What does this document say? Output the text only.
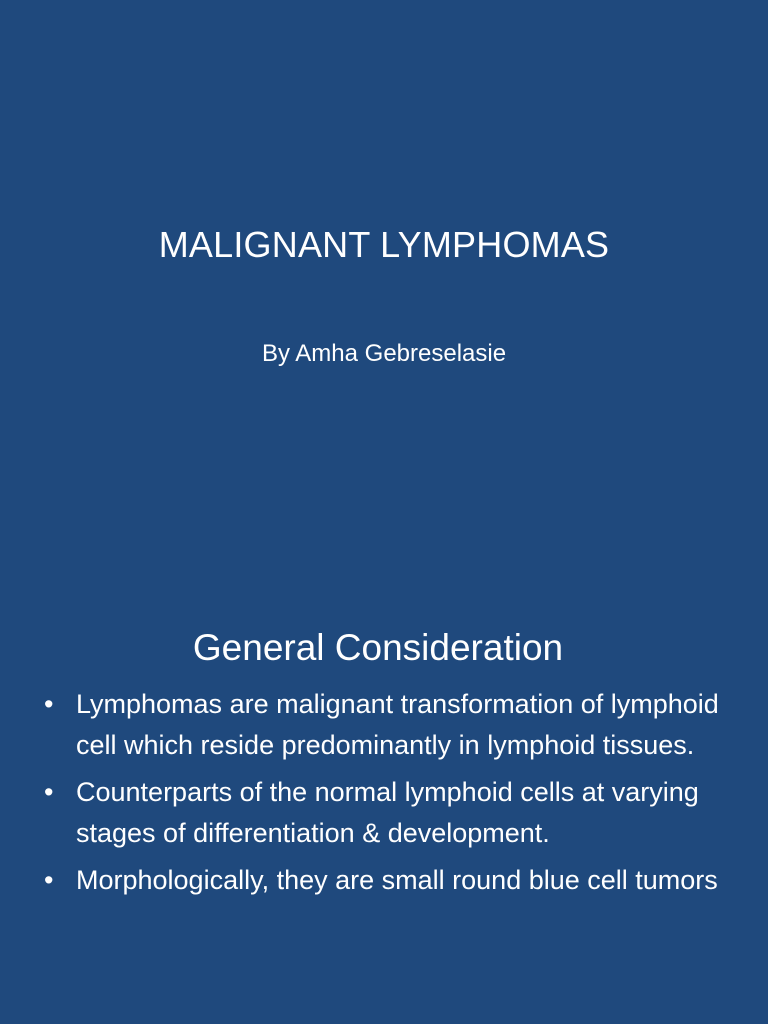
MALIGNANT LYMPHOMAS
By Amha Gebreselasie
General Consideration
• Lymphomas are malignant transformation of lymphoid cell which reside predominantly in lymphoid tissues.
• Counterparts of the normal lymphoid cells at varying stages of differentiation & development.
• Morphologically, they are small round blue cell tumors
